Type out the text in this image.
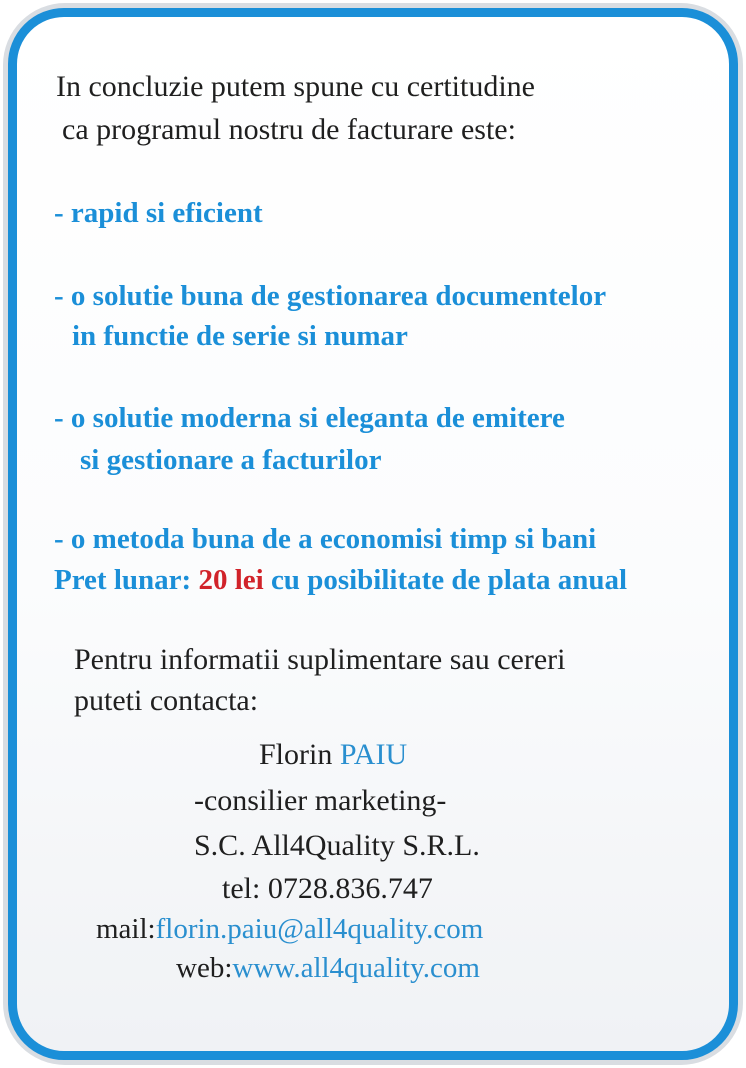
In concluzie putem spune cu certitudine
ca programul nostru de facturare este:
- rapid si eficient
- o solutie buna de gestionarea documentelor
in functie de serie si numar
- o solutie moderna si eleganta de emitere
si gestionare a facturilor
- o metoda buna de a economisi timp si bani
Pret lunar: 20 lei cu posibilitate de plata anual
Pentru informatii suplimentare sau cereri
puteti contacta:
Florin PAIU
-consilier marketing-
S.C. All4Quality S.R.L.
tel: 0728.836.747
mail:florin.paiu@all4quality.com
web:www.all4quality.com
